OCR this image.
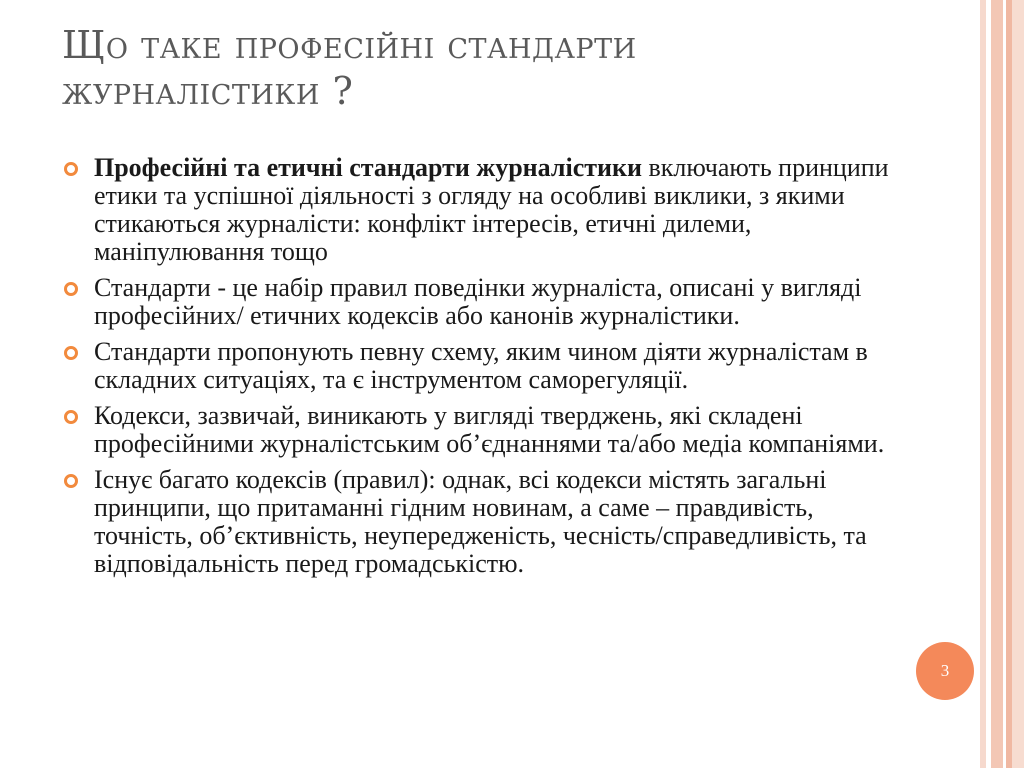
Що таке професійні стандарти
журналістики ?
Професійні та етичні стандарти журналістики включають принципи етики та успішної діяльності з огляду на особливі виклики, з якими стикаються журналісти: конфлікт інтересів, етичні дилеми, маніпулювання тощо
Стандарти - це набір правил поведінки журналіста, описані у вигляді професійних/ етичних кодексів або канонів журналістики.
Стандарти пропонують певну схему, яким чином діяти журналістам в складних ситуаціях, та є інструментом саморегуляції.
Кодекси, зазвичай, виникають у вигляді тверджень, які складені професійними журналістським об’єднаннями та/або медіа компаніями.
Існує багато кодексів (правил): однак, всі кодекси містять загальні принципи, що притаманні гідним новинам, а саме – правдивість, точність, об’єктивність, неупередженість, чесність/справедливість, та відповідальність перед громадськістю.
3
